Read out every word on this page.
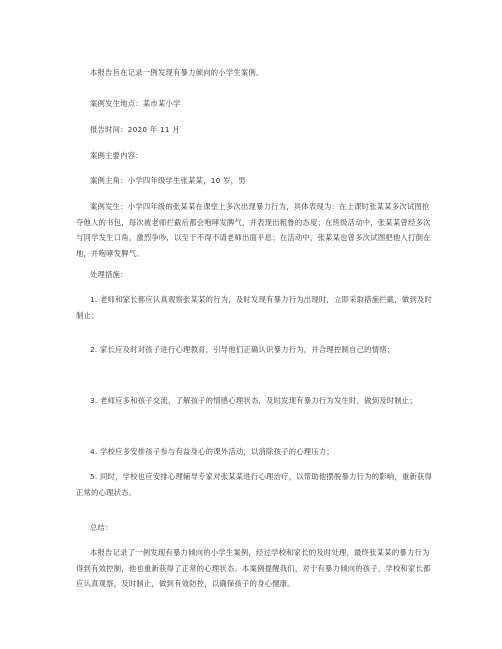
本报告旨在记录一例发现有暴力倾向的小学生案例。

案例发生地点：某市某小学

报告时间：2020 年 11 月

案例主要内容：

案例主角：小学四年级学生张某某，10 岁，男

案例发生：小学四年级的张某某在课堂上多次出现暴力行为，具体表现为：在上课时张某某多次试图抢夺他人的书包，每次被老师拦截后都会咆哮发脾气，并表现出粗鲁的态度；在班级活动中，张某某曾经多次与同学发生口角，激烈争吵，以至于不得不请老师出面平息；在活动中，张某某也曾多次试图把他人打倒在地，并咆哮发脾气。

处理措施：

1. 老师和家长都应认真观察张某某的行为，及时发现有暴力行为出现时，立即采取措施拦截，做到及时制止；

2. 家长应及时对孩子进行心理教育，引导他们正确认识暴力行为，并合理控制自己的情绪；

3. 老师应多和孩子交流，了解孩子的情感心理状态，及时发现有暴力行为发生时，做到及时制止；

4. 学校应多安排孩子参与有益身心的课外活动，以消除孩子的心理压力；

5. 同时，学校也应安排心理辅导专家对张某某进行心理治疗，以帮助他摆脱暴力行为的影响，重新获得正常的心理状态。

总结：

本报告记录了一例发现有暴力倾向的小学生案例，经过学校和家长的及时处理，最终张某某的暴力行为得到有效控制，他也重新获得了正常的心理状态。本案例提醒我们，对于有暴力倾向的孩子，学校和家长都应认真观察，及时制止，做到有效防控，以确保孩子的身心健康。
